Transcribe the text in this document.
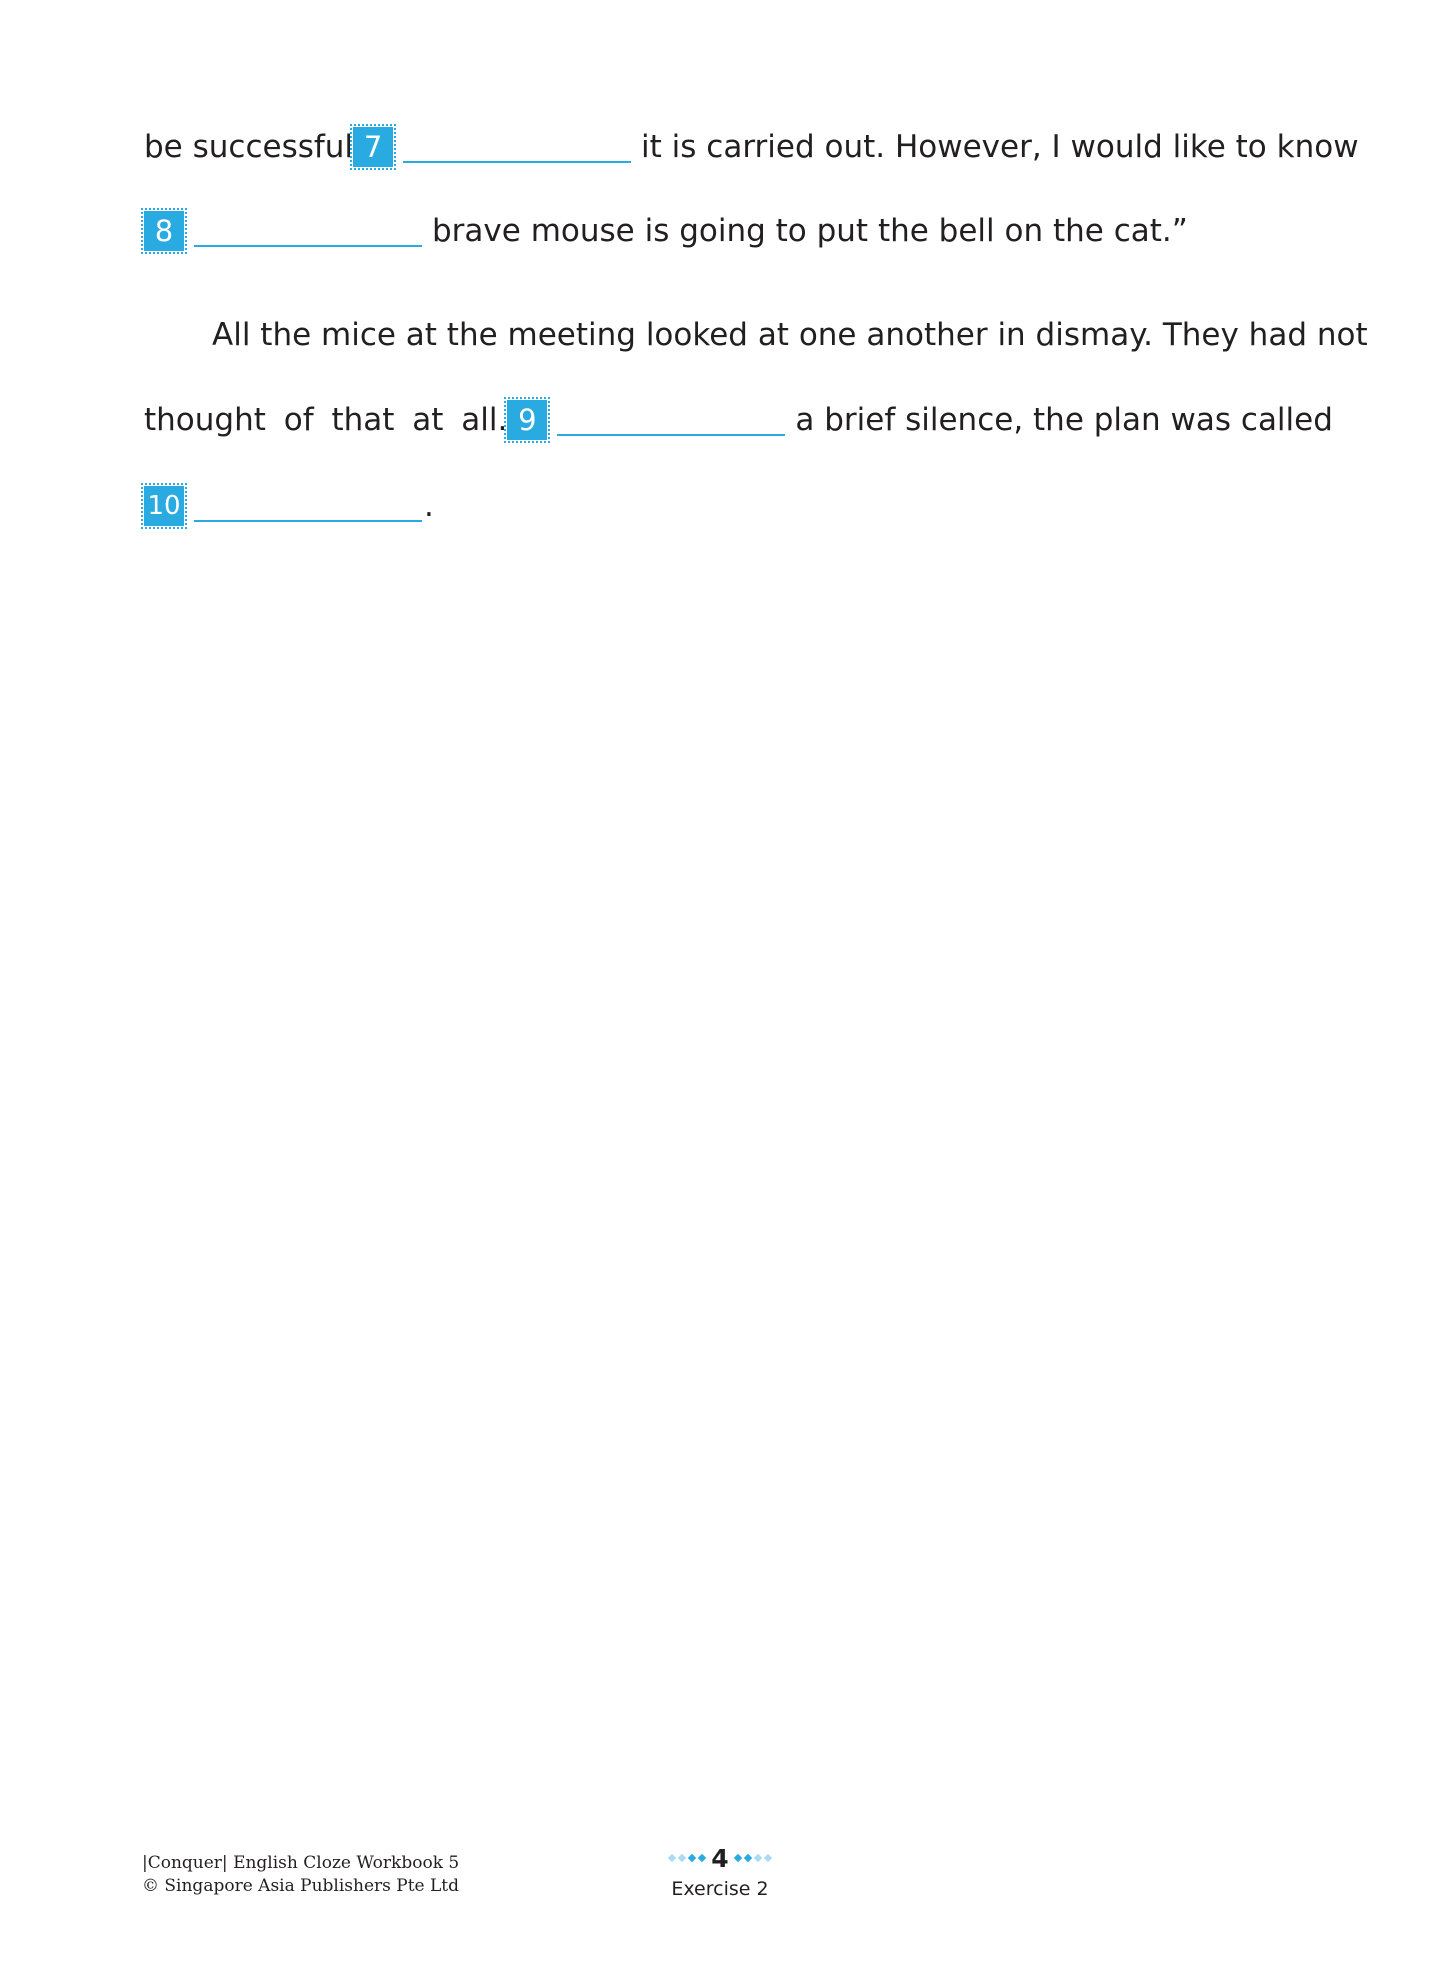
be successful 7	it is carried out. However, I would like to know
8	brave mouse is going to put the bell on the cat.”
All the mice at the meeting looked at one another in dismay. They had not
thought of that at all. 9	a brief silence, the plan was called
10	.
|Conquer| English Cloze Workbook 5
© Singapore Asia Publishers Pte Ltd
4
Exercise 2
